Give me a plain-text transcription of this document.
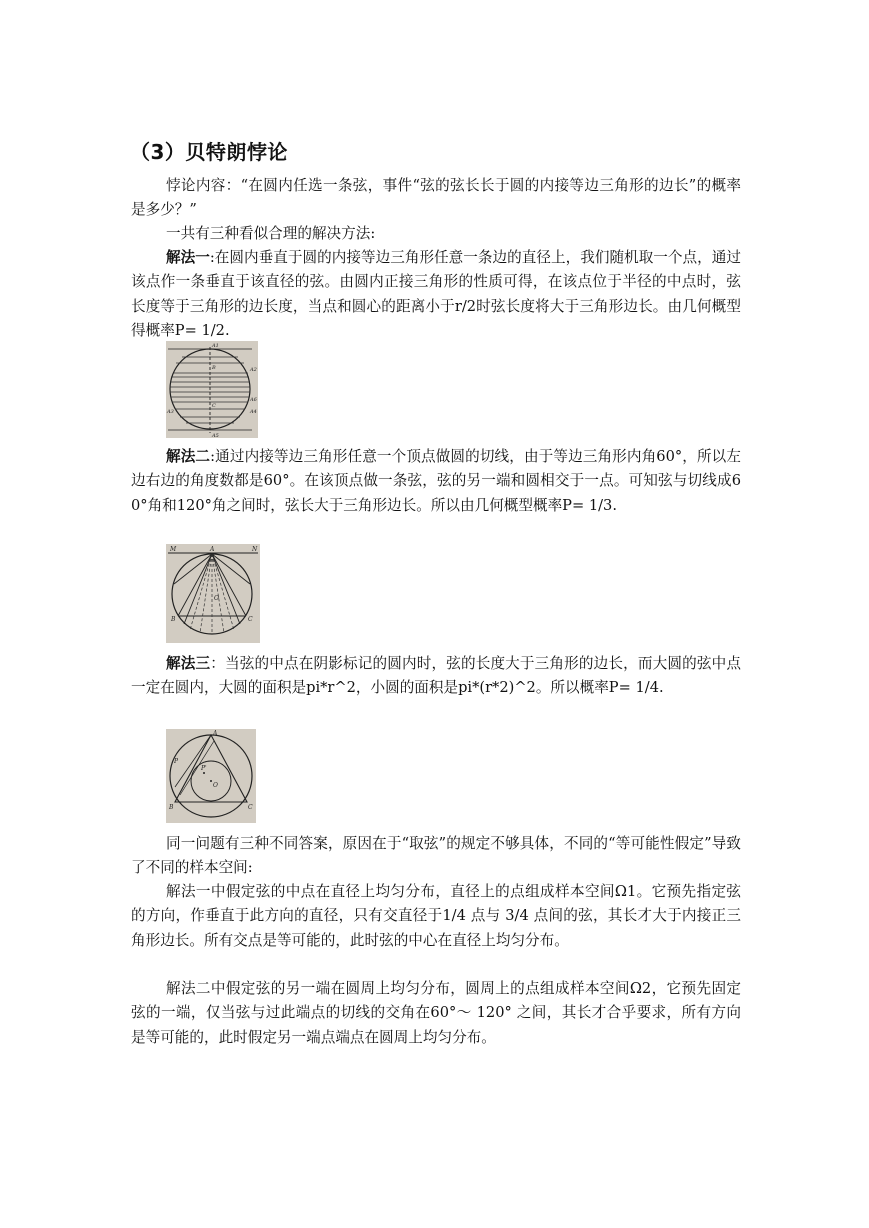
（3）贝特朗悖论

悖论内容：“在圆内任选一条弦，事件“弦的弦长长于圆的内接等边三角形的边长”的概率是多少？”

一共有三种看似合理的解决方法:

解法一:在圆内垂直于圆的内接等边三角形任意一条边的直径上，我们随机取一个点，通过该点作一条垂直于该直径的弦。由圆内正接三角形的性质可得，在该点位于半径的中点时，弦长度等于三角形的边长度，当点和圆心的距离小于r/2时弦长度将大于三角形边长。由几何概型得概率P= 1/2.

A1
B	A2
C
A3	A4
A5
A6

解法二:通过内接等边三角形任意一个顶点做圆的切线，由于等边三角形内角60°，所以左边右边的角度数都是60°。在该顶点做一条弦，弦的另一端和圆相交于一点。可知弦与切线成60°角和120°角之间时，弦长大于三角形边长。所以由几何概型概率P= 1/3.

M	A	N
O
B	C

解法三：当弦的中点在阴影标记的圆内时，弦的长度大于三角形的边长，而大圆的弦中点一定在圆内，大圆的面积是pi*r^2，小圆的面积是pi*(r*2)^2。所以概率P= 1/4.

A
P
P'
O
B	C

同一问题有三种不同答案，原因在于“取弦”的规定不够具体，不同的“等可能性假定”导致了不同的样本空间:

解法一中假定弦的中点在直径上均匀分布，直径上的点组成样本空间Ω1。它预先指定弦的方向，作垂直于此方向的直径，只有交直径于1/4 点与 3/4 点间的弦，其长才大于内接正三角形边长。所有交点是等可能的，此时弦的中心在直径上均匀分布。

解法二中假定弦的另一端在圆周上均匀分布，圆周上的点组成样本空间Ω2，它预先固定弦的一端，仅当弦与过此端点的切线的交角在60°～ 120° 之间，其长才合乎要求，所有方向是等可能的，此时假定另一端点端点在圆周上均匀分布。
